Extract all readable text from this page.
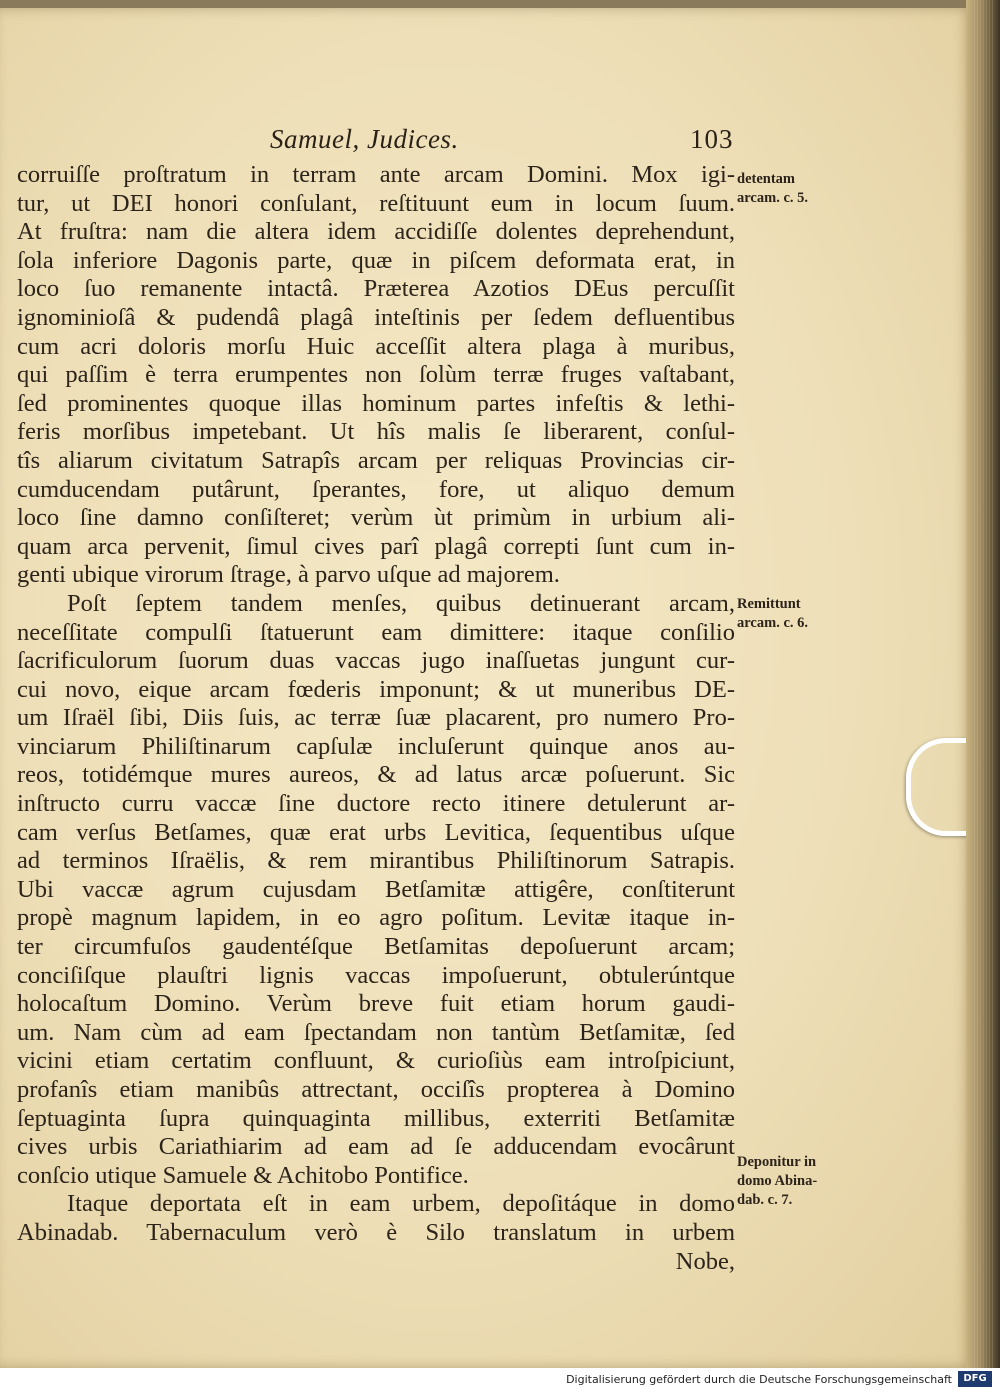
Samuel, Judices.	103
corruiſſe proſtratum in terram ante arcam Domini. Mox igi-
tur, ut DEI honori conſulant, reſtituunt eum in locum ſuum.
At fruſtra: nam die altera idem accidiſſe dolentes deprehendunt,
ſola inferiore Dagonis parte, quæ in piſcem deformata erat, in
loco ſuo remanente intactâ. Præterea Azotios DEus percuſſit
ignominioſâ & pudendâ plagâ inteſtinis per ſedem defluentibus
cum acri doloris morſu Huic acceſſit altera plaga à muribus,
qui paſſim è terra erumpentes non ſolùm terræ fruges vaſtabant,
ſed prominentes quoque illas hominum partes infeſtis & lethi-
feris morſibus impetebant. Ut hîs malis ſe liberarent, conſul-
tîs aliarum civitatum Satrapîs arcam per reliquas Provincias cir-
cumducendam putârunt, ſperantes, fore, ut aliquo demum
loco ſine damno conſiſteret; verùm ùt primùm in urbium ali-
quam arca pervenit, ſimul cives parî plagâ correpti ſunt cum in-
genti ubique virorum ſtrage, à parvo uſque ad majorem.
Poſt ſeptem tandem menſes, quibus detinuerant arcam,
neceſſitate compulſi ſtatuerunt eam dimittere: itaque conſilio
ſacrificulorum ſuorum duas vaccas jugo inaſſuetas jungunt cur-
cui novo, eique arcam fœderis imponunt; & ut muneribus DE-
um Iſraël ſibi, Diis ſuis, ac terræ ſuæ placarent, pro numero Pro-
vinciarum Philiſtinarum capſulæ incluſerunt quinque anos au-
reos, totidémque mures aureos, & ad latus arcæ poſuerunt. Sic
inſtructo curru vaccæ ſine ductore recto itinere detulerunt ar-
cam verſus Betſames, quæ erat urbs Levitica, ſequentibus uſque
ad terminos Iſraëlis, & rem mirantibus Philiſtinorum Satrapis.
Ubi vaccæ agrum cujusdam Betſamitæ attigêre, conſtiterunt
propè magnum lapidem, in eo agro poſitum. Levitæ itaque in-
ter circumfuſos gaudentéſque Betſamitas depoſuerunt arcam;
conciſiſque plauſtri lignis vaccas impoſuerunt, obtulerúntque
holocaſtum Domino. Verùm breve fuit etiam horum gaudi-
um. Nam cùm ad eam ſpectandam non tantùm Betſamitæ, ſed
vicini etiam certatim confluunt, & curioſiùs eam introſpiciunt,
profanîs etiam manibûs attrectant, occiſîs propterea à Domino
ſeptuaginta ſupra quinquaginta millibus, exterriti Betſamitæ
cives urbis Cariathiarim ad eam ad ſe adducendam evocârunt
conſcio utique Samuele & Achitobo Pontifice.
Itaque deportata eſt in eam urbem, depoſitáque in domo
Abinadab. Tabernaculum verò è Silo translatum in urbem
Nobe,
detentam
arcam. c. 5.
Remittunt
arcam. c. 6.
Deponitur in
domo Abina-
dab. c. 7.
Digitalisierung gefördert durch die Deutsche Forschungsgemeinschaft	DFG
